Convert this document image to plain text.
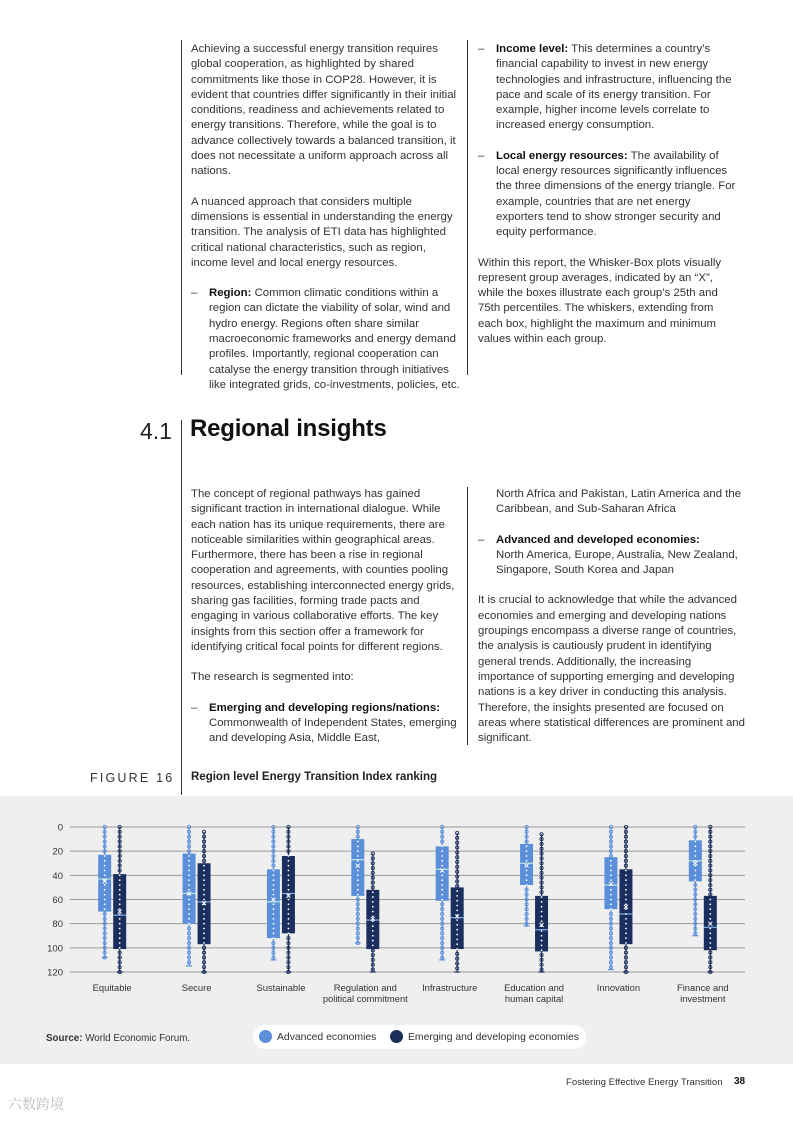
Achieving a successful energy transition requires global cooperation, as highlighted by shared commitments like those in COP28. However, it is evident that countries differ significantly in their initial conditions, readiness and achievements related to energy transitions. Therefore, while the goal is to advance collectively towards a balanced transition, it does not necessitate a uniform approach across all nations.

A nuanced approach that considers multiple dimensions is essential in understanding the energy transition. The analysis of ETI data has highlighted critical national characteristics, such as region, income level and local energy resources.

– Region: Common climatic conditions within a region can dictate the viability of solar, wind and hydro energy. Regions often share similar macroeconomic frameworks and energy demand profiles. Importantly, regional cooperation can catalyse the energy transition through initiatives like integrated grids, co-investments, policies, etc.
– Income level: This determines a country’s financial capability to invest in new energy technologies and infrastructure, influencing the pace and scale of its energy transition. For example, higher income levels correlate to increased energy consumption.
– Local energy resources: The availability of local energy resources significantly influences the three dimensions of the energy triangle. For example, countries that are net energy exporters tend to show stronger security and equity performance.

Within this report, the Whisker-Box plots visually represent group averages, indicated by an “X”, while the boxes illustrate each group’s 25th and 75th percentiles. The whiskers, extending from each box, highlight the maximum and minimum values within each group.

4.1 Regional insights

The concept of regional pathways has gained significant traction in international dialogue. While each nation has its unique requirements, there are noticeable similarities within geographical areas. Furthermore, there has been a rise in regional cooperation and agreements, with counties pooling resources, establishing interconnected energy grids, sharing gas facilities, forming trade pacts and engaging in various collaborative efforts. The key insights from this section offer a framework for identifying critical focal points for different regions.

The research is segmented into:

– Emerging and developing regions/nations:
Commonwealth of Independent States, emerging and developing Asia, Middle East,
North Africa and Pakistan, Latin America and the Caribbean, and Sub-Saharan Africa
– Advanced and developed economies:
North America, Europe, Australia, New Zealand, Singapore, South Korea and Japan

It is crucial to acknowledge that while the advanced economies and emerging and developing nations groupings encompass a diverse range of countries, the analysis is cautiously prudent in identifying general trends. Additionally, the increasing importance of supporting emerging and developing nations is a key driver in conducting this analysis. Therefore, the insights presented are focused on areas where statistical differences are prominent and significant.

FIGURE 16 Region level Energy Transition Index ranking
0
20
40
60
80
100
120
Equitable	Secure	Sustainable	Regulation and
political commitment
Infrastructure	Education and
human capital
Innovation	Finance and
investment
Source: World Economic Forum.	Advanced economies	Emerging and developing economies
Fostering Effective Energy Transition 38
六数跨境
